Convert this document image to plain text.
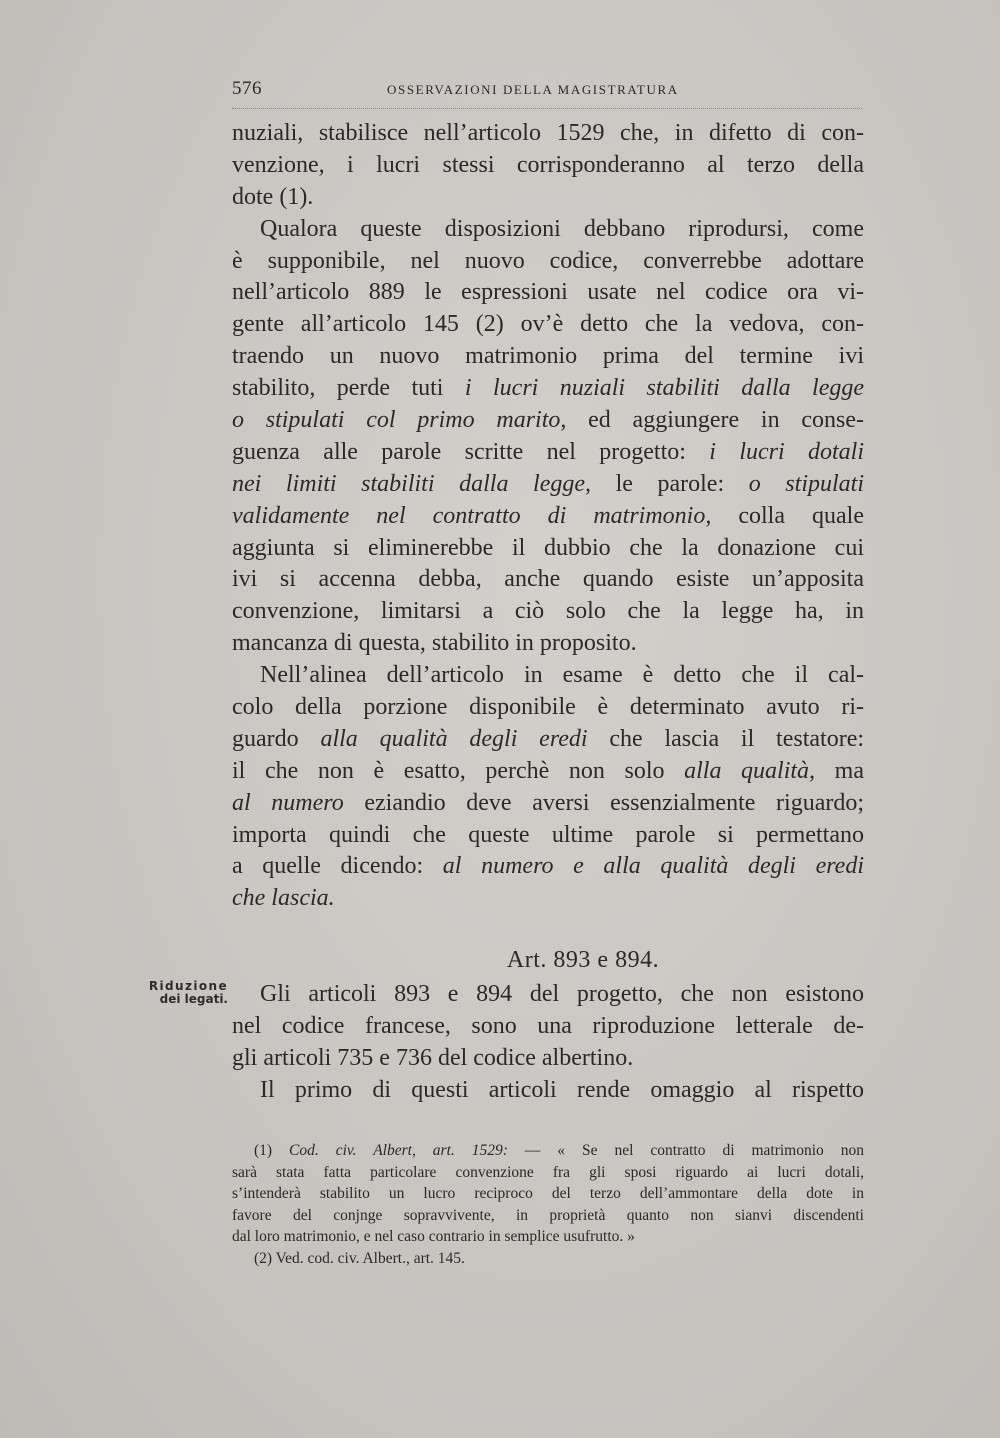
576	OSSERVAZIONI DELLA MAGISTRATURA
nuziali, stabilisce nell’articolo 1529 che, in difetto di con-
venzione, i lucri stessi corrisponderanno al terzo della
dote (1).
Qualora queste disposizioni debbano riprodursi, come
è supponibile, nel nuovo codice, converrebbe adottare
nell’articolo 889 le espressioni usate nel codice ora vi-
gente all’articolo 145 (2) ov’è detto che la vedova, con-
traendo un nuovo matrimonio prima del termine ivi
stabilito, perde tuti i lucri nuziali stabiliti dalla legge
o stipulati col primo marito, ed aggiungere in conse-
guenza alle parole scritte nel progetto: i lucri dotali
nei limiti stabiliti dalla legge, le parole: o stipulati
validamente nel contratto di matrimonio, colla quale
aggiunta si eliminerebbe il dubbio che la donazione cui
ivi si accenna debba, anche quando esiste un’apposita
convenzione, limitarsi a ciò solo che la legge ha, in
mancanza di questa, stabilito in proposito.
Nell’alinea dell’articolo in esame è detto che il cal-
colo della porzione disponibile è determinato avuto ri-
guardo alla qualità degli eredi che lascia il testatore:
il che non è esatto, perchè non solo alla qualità, ma
al numero eziandio deve aversi essenzialmente riguardo;
importa quindi che queste ultime parole si permettano
a quelle dicendo: al numero e alla qualità degli eredi
che lascia.
Riduzione
dei legati.
Art. 893 e 894.
Gli articoli 893 e 894 del progetto, che non esistono
nel codice francese, sono una riproduzione letterale de-
gli articoli 735 e 736 del codice albertino.
Il primo di questi articoli rende omaggio al rispetto
(1) Cod. civ. Albert, art. 1529: — « Se nel contratto di matrimonio non
sarà stata fatta particolare convenzione fra gli sposi riguardo ai lucri dotali,
s’intenderà stabilito un lucro reciproco del terzo dell’ammontare della dote in
favore del conjnge sopravvivente, in proprietà quanto non sianvi discendenti
dal loro matrimonio, e nel caso contrario in semplice usufrutto. »
(2) Ved. cod. civ. Albert., art. 145.
